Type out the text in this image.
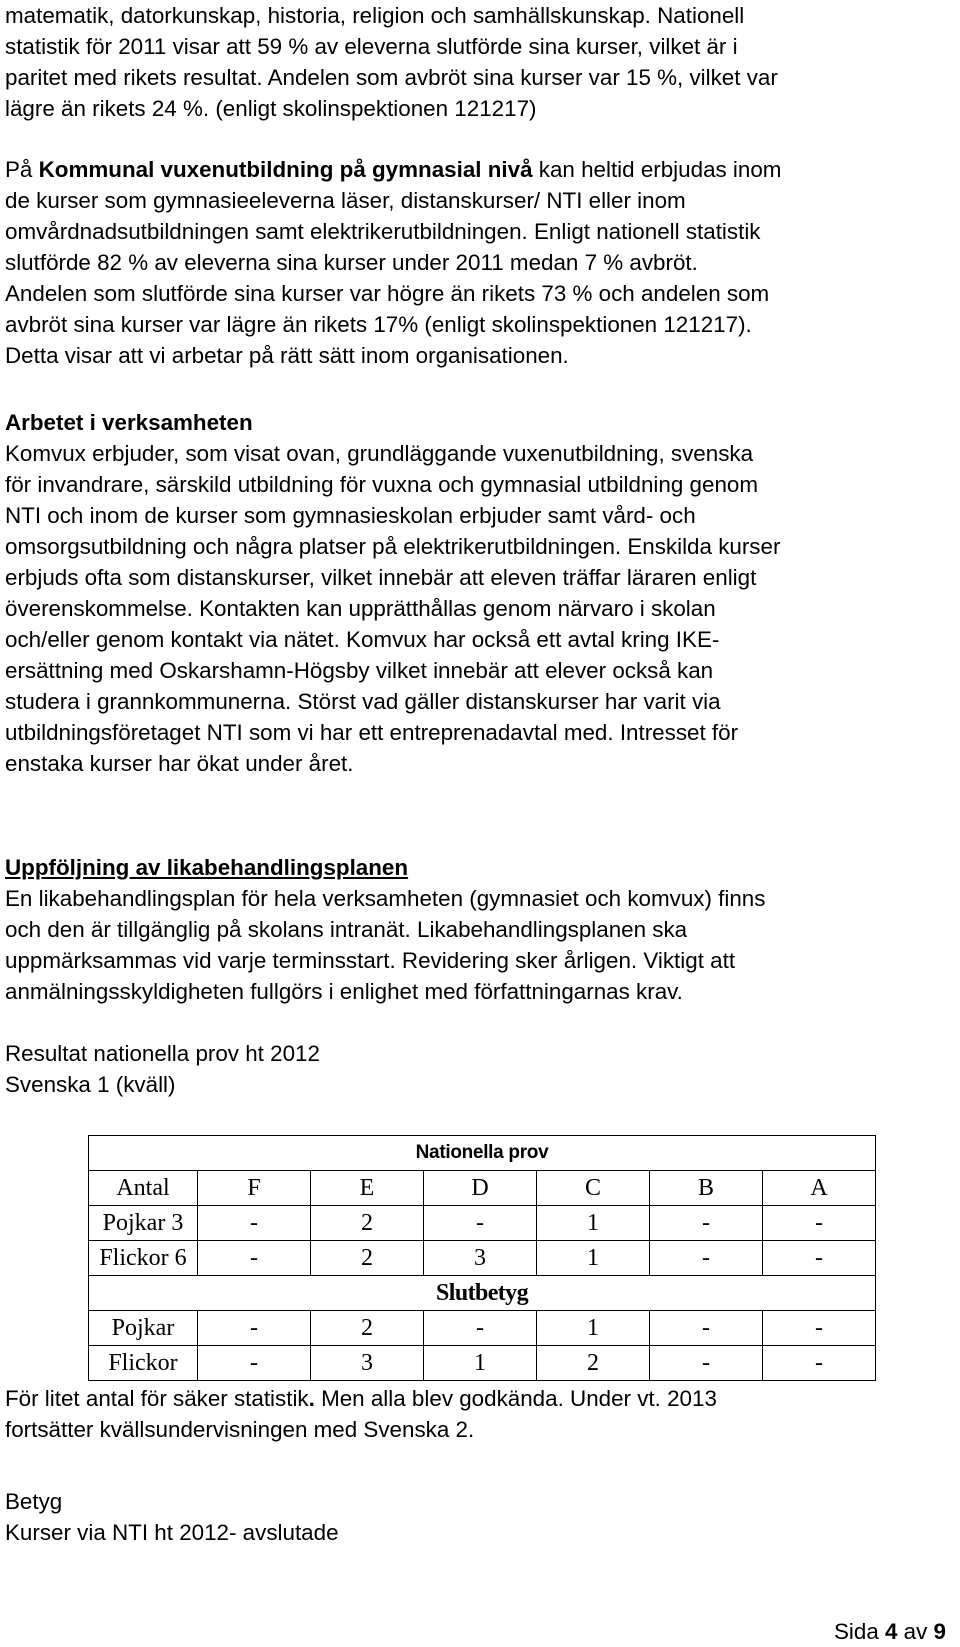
matematik, datorkunskap, historia, religion och samhällskunskap. Nationell
statistik för 2011 visar att 59 % av eleverna slutförde sina kurser, vilket är i
paritet med rikets resultat. Andelen som avbröt sina kurser var 15 %, vilket var
lägre än rikets 24 %. (enligt skolinspektionen 121217)
På Kommunal vuxenutbildning på gymnasial nivå kan heltid erbjudas inom
de kurser som gymnasieeleverna läser, distanskurser/ NTI eller inom
omvårdnadsutbildningen samt elektrikerutbildningen. Enligt nationell statistik
slutförde 82 % av eleverna sina kurser under 2011 medan 7 % avbröt.
Andelen som slutförde sina kurser var högre än rikets 73 % och andelen som
avbröt sina kurser var lägre än rikets 17% (enligt skolinspektionen 121217).
Detta visar att vi arbetar på rätt sätt inom organisationen.
Arbetet i verksamheten
Komvux erbjuder, som visat ovan, grundläggande vuxenutbildning, svenska
för invandrare, särskild utbildning för vuxna och gymnasial utbildning genom
NTI och inom de kurser som gymnasieskolan erbjuder samt vård- och
omsorgsutbildning och några platser på elektrikerutbildningen. Enskilda kurser
erbjuds ofta som distanskurser, vilket innebär att eleven träffar läraren enligt
överenskommelse. Kontakten kan upprätthållas genom närvaro i skolan
och/eller genom kontakt via nätet. Komvux har också ett avtal kring IKE-
ersättning med Oskarshamn-Högsby vilket innebär att elever också kan
studera i grannkommunerna. Störst vad gäller distanskurser har varit via
utbildningsföretaget NTI som vi har ett entreprenadavtal med. Intresset för
enstaka kurser har ökat under året.
Uppföljning av likabehandlingsplanen
En likabehandlingsplan för hela verksamheten (gymnasiet och komvux) finns
och den är tillgänglig på skolans intranät. Likabehandlingsplanen ska
uppmärksammas vid varje terminsstart. Revidering sker årligen. Viktigt att
anmälningsskyldigheten fullgörs i enlighet med författningarnas krav.
Resultat nationella prov ht 2012
Svenska 1 (kväll)
Nationella prov						
Antal	F	E	D	C	B	A
Pojkar 3	-	2	-	1	-	-
Flickor 6	-	2	3	1	-	-
Slutbetyg						
Pojkar	-	2	-	1	-	-
Flickor	-	3	1	2	-	-
För litet antal för säker statistik. Men alla blev godkända. Under vt. 2013
fortsätter kvällsundervisningen med Svenska 2.
Betyg
Kurser via NTI ht 2012- avslutade
Sida 4 av 9
